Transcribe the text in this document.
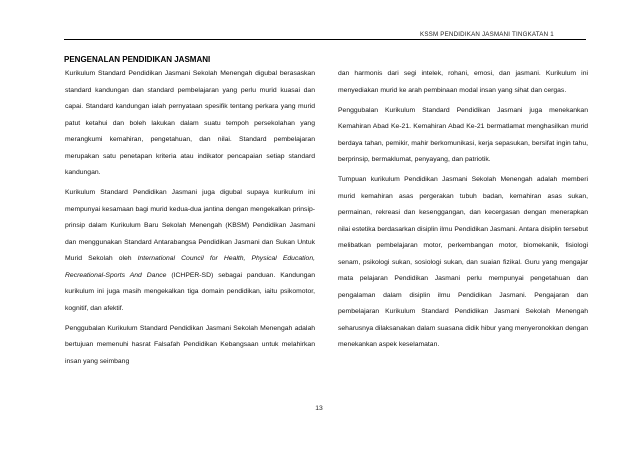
KSSM PENDIDIKAN JASMANI TINGKATAN 1
PENGENALAN PENDIDIKAN JASMANI

Kurikulum Standard Pendidikan Jasmani Sekolah Menengah digubal berasaskan standard kandungan dan standard pembelajaran yang perlu murid kuasai dan capai. Standard kandungan ialah pernyataan spesifik tentang perkara yang murid patut ketahui dan boleh lakukan dalam suatu tempoh persekolahan yang merangkumi kemahiran, pengetahuan, dan nilai. Standard pembelajaran merupakan satu penetapan kriteria atau indikator pencapaian setiap standard kandungan.

Kurikulum Standard Pendidikan Jasmani juga digubal supaya kurikulum ini mempunyai kesamaan bagi murid kedua-dua jantina dengan mengekalkan prinsip-prinsip dalam Kurikulum Baru Sekolah Menengah (KBSM) Pendidikan Jasmani dan menggunakan Standard Antarabangsa Pendidikan Jasmani dan Sukan Untuk Murid Sekolah oleh International Council for Health, Physical Education, Recreational-Sports And Dance (ICHPER-SD) sebagai panduan. Kandungan kurikulum ini juga masih mengekalkan tiga domain pendidikan, iaitu psikomotor, kognitif, dan afektif.

Penggubalan Kurikulum Standard Pendidikan Jasmani Sekolah Menengah adalah bertujuan memenuhi hasrat Falsafah Pendidikan Kebangsaan untuk melahirkan insan yang seimbang

dan harmonis dari segi intelek, rohani, emosi, dan jasmani. Kurikulum ini menyediakan murid ke arah pembinaan modal insan yang sihat dan cergas.

Penggubalan Kurikulum Standard Pendidikan Jasmani juga menekankan Kemahiran Abad Ke-21. Kemahiran Abad Ke-21 bermatlamat menghasilkan murid berdaya tahan, pemikir, mahir berkomunikasi, kerja sepasukan, bersifat ingin tahu, berprinsip, bermaklumat, penyayang, dan patriotik.

Tumpuan kurikulum Pendidikan Jasmani Sekolah Menengah adalah memberi murid kemahiran asas pergerakan tubuh badan, kemahiran asas sukan, permainan, rekreasi dan kesenggangan, dan kecergasan dengan menerapkan nilai estetika berdasarkan disiplin ilmu Pendidikan Jasmani. Antara disiplin tersebut melibatkan pembelajaran motor, perkembangan motor, biomekanik, fisiologi senam, psikologi sukan, sosiologi sukan, dan suaian fizikal. Guru yang mengajar mata pelajaran Pendidikan Jasmani perlu mempunyai pengetahuan dan pengalaman dalam disiplin ilmu Pendidikan Jasmani. Pengajaran dan pembelajaran Kurikulum Standard Pendidikan Jasmani Sekolah Menengah seharusnya dilaksanakan dalam suasana didik hibur yang menyeronokkan dengan menekankan aspek keselamatan.

13
